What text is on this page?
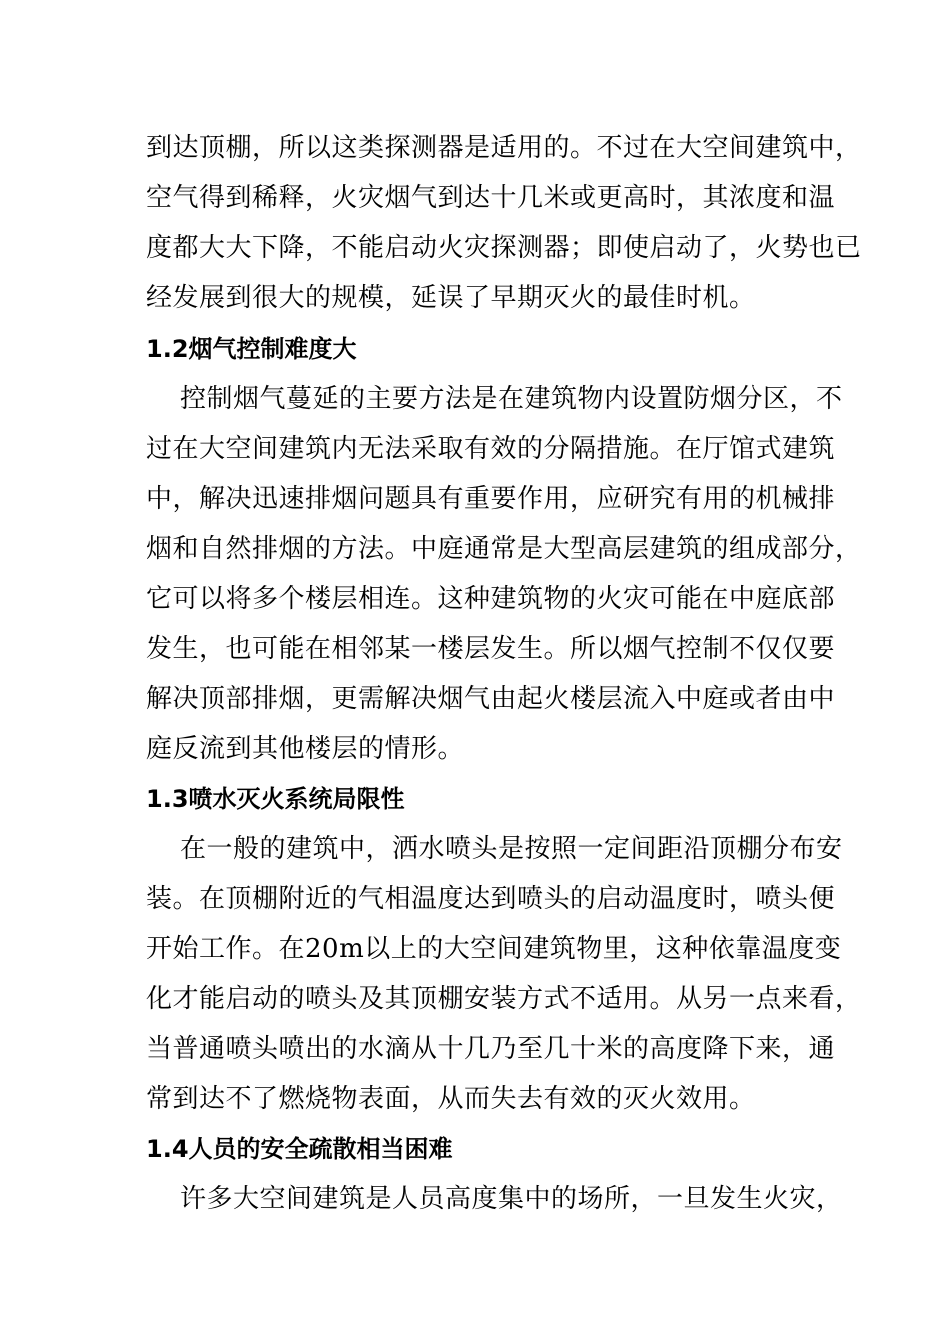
到达顶棚，所以这类探测器是适用的。不过在大空间建筑中，
空气得到稀释，火灾烟气到达十几米或更高时，其浓度和温
度都大大下降，不能启动火灾探测器；即使启动了，火势也已
经发展到很大的规模，延误了早期灭火的最佳时机。
1.2烟气控制难度大
控制烟气蔓延的主要方法是在建筑物内设置防烟分区，不
过在大空间建筑内无法采取有效的分隔措施。在厅馆式建筑
中，解决迅速排烟问题具有重要作用，应研究有用的机械排
烟和自然排烟的方法。中庭通常是大型高层建筑的组成部分，
它可以将多个楼层相连。这种建筑物的火灾可能在中庭底部
发生，也可能在相邻某一楼层发生。所以烟气控制不仅仅要
解决顶部排烟，更需解决烟气由起火楼层流入中庭或者由中
庭反流到其他楼层的情形。
1.3喷水灭火系统局限性
在一般的建筑中，洒水喷头是按照一定间距沿顶棚分布安
装。在顶棚附近的气相温度达到喷头的启动温度时，喷头便
开始工作。在20m以上的大空间建筑物里，这种依靠温度变
化才能启动的喷头及其顶棚安装方式不适用。从另一点来看，
当普通喷头喷出的水滴从十几乃至几十米的高度降下来，通
常到达不了燃烧物表面，从而失去有效的灭火效用。
1.4人员的安全疏散相当困难
许多大空间建筑是人员高度集中的场所，一旦发生火灾，
